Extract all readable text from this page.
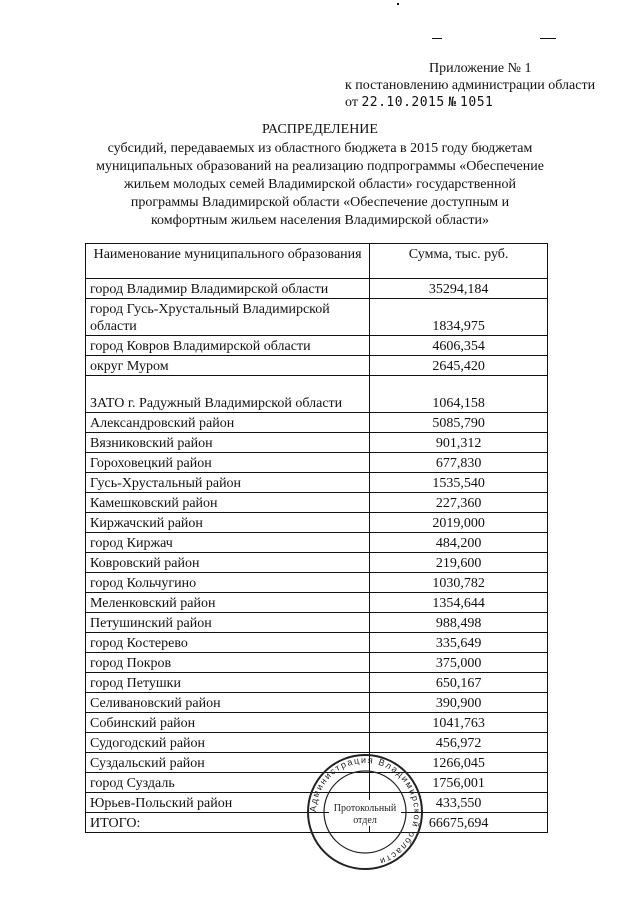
Приложение № 1
к постановлению администрации области
от 22.10.2015 № 1051
РАСПРЕДЕЛЕНИЕ
субсидий, передаваемых из областного бюджета в 2015 году бюджетам муниципальных образований на реализацию подпрограммы «Обеспечение жильем молодых семей Владимирской области» государственной программы Владимирской области «Обеспечение доступным и комфортным жильем населения Владимирской области»
Наименование муниципального образования	Сумма, тыс. руб.
город Владимир Владимирской области	35294,184
город Гусь-Хрустальный Владимирской области	1834,975
город Ковров Владимирской области	4606,354
округ Муром	2645,420
ЗАТО г. Радужный Владимирской области	1064,158
Александровский район	5085,790
Вязниковский район	901,312
Гороховецкий район	677,830
Гусь-Хрустальный район	1535,540
Камешковский район	227,360
Киржачский район	2019,000
город Киржач	484,200
Ковровский район	219,600
город Кольчугино	1030,782
Меленковский район	1354,644
Петушинский район	988,498
город Костерево	335,649
город Покров	375,000
город Петушки	650,167
Селивановский район	390,900
Собинский район	1041,763
Судогодский район	456,972
Суздальский район	1266,045
город Суздаль	1756,001
Юрьев-Польский район	433,550
ИТОГО:	66675,694
Администрация Владимирской области
Протокольный
отдел
